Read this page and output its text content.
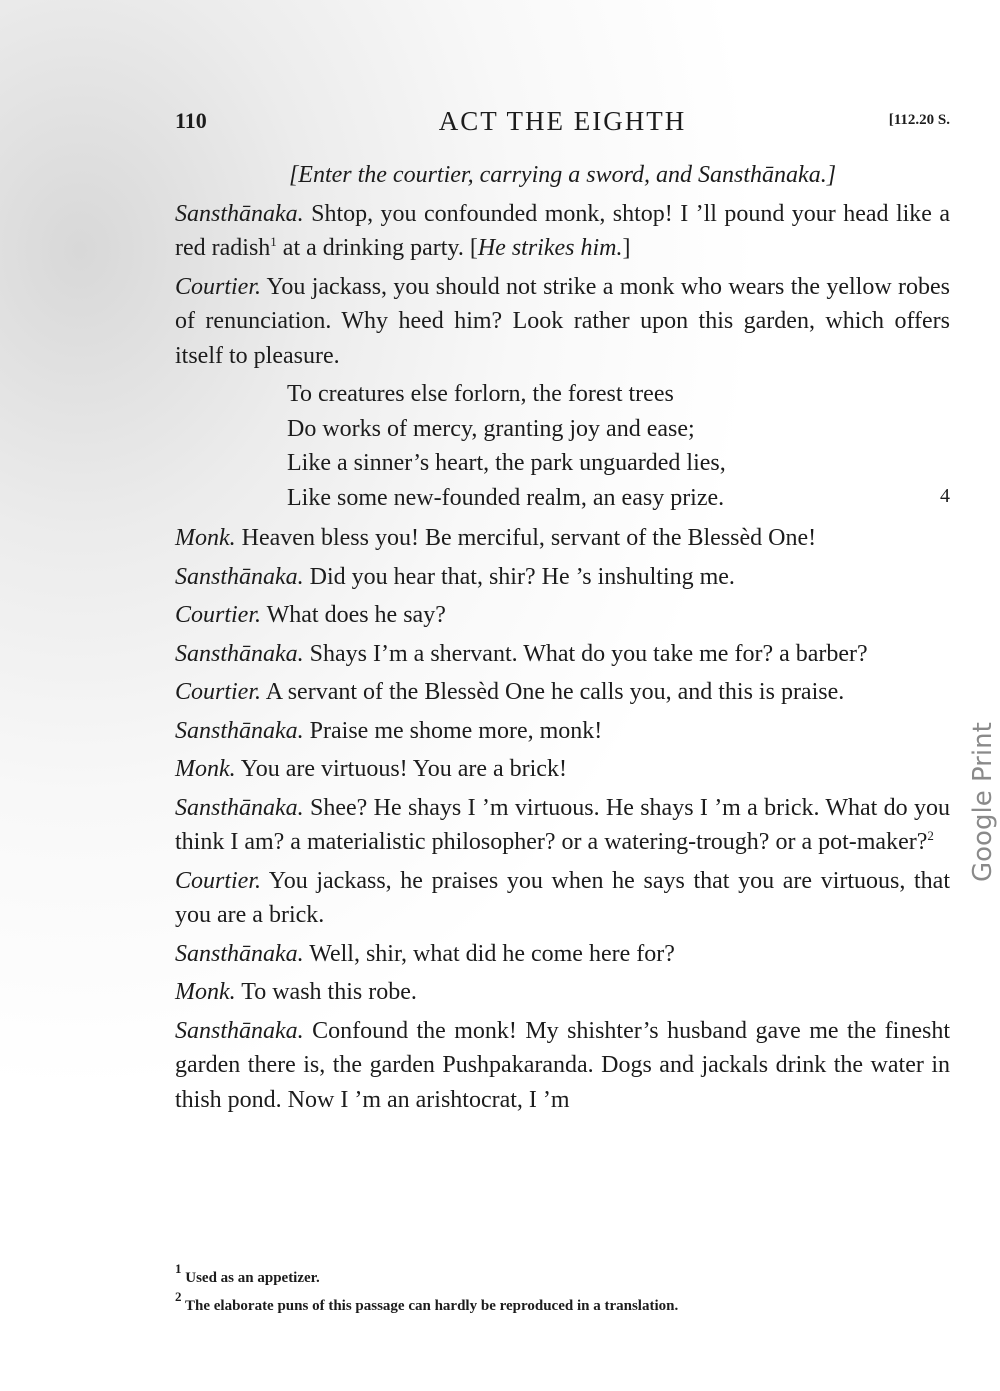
110	ACT THE EIGHTH	[112.20 S.

[Enter the courtier, carrying a sword, and Sansthānaka.]

Sansthānaka. Shtop, you confounded monk, shtop! I ’ll pound your head like a red radish$^1$ at a drinking party. [He strikes him.]

Courtier. You jackass, you should not strike a monk who wears the yellow robes of renunciation. Why heed him? Look rather upon this garden, which offers itself to pleasure.

To creatures else forlorn, the forest trees
Do works of mercy, granting joy and ease;
Like a sinner’s heart, the park unguarded lies,
Like some new-founded realm, an easy prize.	4

Monk. Heaven bless you! Be merciful, servant of the Blessèd One!

Sansthānaka. Did you hear that, shir? He ’s inshulting me.

Courtier. What does he say?

Sansthānaka. Shays I’m a shervant. What do you take me for? a barber?

Courtier. A servant of the Blessèd One he calls you, and this is praise.

Sansthānaka. Praise me shome more, monk!

Monk. You are virtuous! You are a brick!

Sansthānaka. Shee? He shays I ’m virtuous. He shays I ’m a brick. What do you think I am? a materialistic philosopher? or a watering-trough? or a pot-maker?$^2$

Courtier. You jackass, he praises you when he says that you are virtuous, that you are a brick.

Sansthānaka. Well, shir, what did he come here for?

Monk. To wash this robe.

Sansthānaka. Confound the monk! My shishter’s husband gave me the finesht garden there is, the garden Pushpakaranda. Dogs and jackals drink the water in thish pond. Now I ’m an arishtocrat, I ’m

$^1$ Used as an appetizer.
$^2$ The elaborate puns of this passage can hardly be reproduced in a translation.
Google Print
